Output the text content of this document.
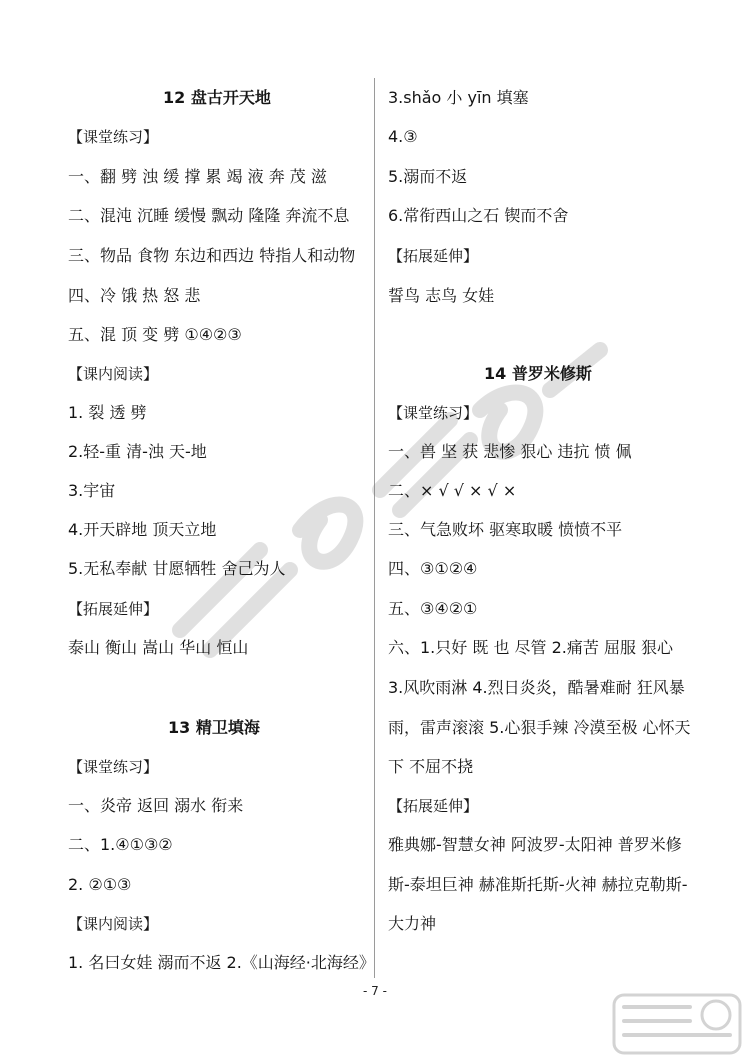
12 盘古开天地
【课堂练习】
一、翻 劈 浊 缓 撑 累 竭 液 奔 茂 滋
二、混沌 沉睡 缓慢 飘动 隆隆 奔流不息
三、物品 食物 东边和西边 特指人和动物
四、冷 饿 热 怒 悲
五、混 顶 变 劈 ①④②③
【课内阅读】
1. 裂 透 劈
2.轻-重 清-浊 天-地
3.宇宙
4.开天辟地 顶天立地
5.无私奉献 甘愿牺牲 舍己为人
【拓展延伸】
泰山 衡山 嵩山 华山 恒山
13 精卫填海
【课堂练习】
一、炎帝 返回 溺水 衔来
二、1.④①③②
2. ②①③
【课内阅读】
1. 名曰女娃 溺而不返 2.《山海经·北海经》
3.shǎo 小 yīn 填塞
4.③
5.溺而不返
6.常衔西山之石 锲而不舍
【拓展延伸】
誓鸟 志鸟 女娃
14 普罗米修斯
【课堂练习】
一、兽 坚 获 悲惨 狠心 违抗 愤 佩
二、× √ √ × √ ×
三、气急败坏 驱寒取暖 愤愤不平
四、③①②④
五、③④②①
六、1.只好 既 也 尽管 2.痛苦 屈服 狠心
3.风吹雨淋 4.烈日炎炎，酷暑难耐 狂风暴
雨，雷声滚滚 5.心狠手辣 冷漠至极 心怀天
下 不屈不挠
【拓展延伸】
雅典娜-智慧女神 阿波罗-太阳神 普罗米修
斯-泰坦巨神 赫准斯托斯-火神 赫拉克勒斯-
大力神
- 7 -
